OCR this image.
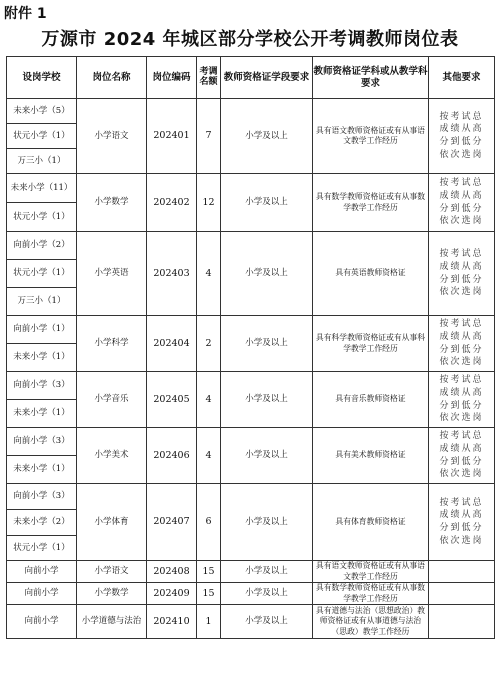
附件 1
万源市 2024 年城区部分学校公开考调教师岗位表
设岗学校	岗位名称	岗位编码	考调名额	教师资格证学段要求	教师资格证学科或从教学科要求	其他要求
未来小学（5）	小学语文	202401	7	小学及以上	具有语文教师资格证或有从事语文教学工作经历	按考试总成绩从高分到低分依次选岗
状元小学（1）						
万三小（1）						
未来小学（11）	小学数学	202402	12	小学及以上	具有数学教师资格证或有从事数学教学工作经历	按考试总成绩从高分到低分依次选岗
状元小学（1）						
向前小学（2）	小学英语	202403	4	小学及以上	具有英语教师资格证	按考试总成绩从高分到低分依次选岗
状元小学（1）						
万三小（1）						
向前小学（1）	小学科学	202404	2	小学及以上	具有科学教师资格证或有从事科学教学工作经历	按考试总成绩从高分到低分依次选岗
未来小学（1）						
向前小学（3）	小学音乐	202405	4	小学及以上	具有音乐教师资格证	按考试总成绩从高分到低分依次选岗
未来小学（1）						
向前小学（3）	小学美术	202406	4	小学及以上	具有美术教师资格证	按考试总成绩从高分到低分依次选岗
未来小学（1）						
向前小学（3）	小学体育	202407	6	小学及以上	具有体育教师资格证	按考试总成绩从高分到低分依次选岗
未来小学（2）						
状元小学（1）						
向前小学	小学语文	202408	15	小学及以上	具有语文教师资格证或有从事语文教学工作经历	
向前小学	小学数学	202409	15	小学及以上	具有数学教师资格证或有从事数学教学工作经历	
向前小学	小学道德与法治	202410	1	小学及以上	具有道德与法治（思想政治）教师资格证或有从事道德与法治（思政）教学工作经历	
